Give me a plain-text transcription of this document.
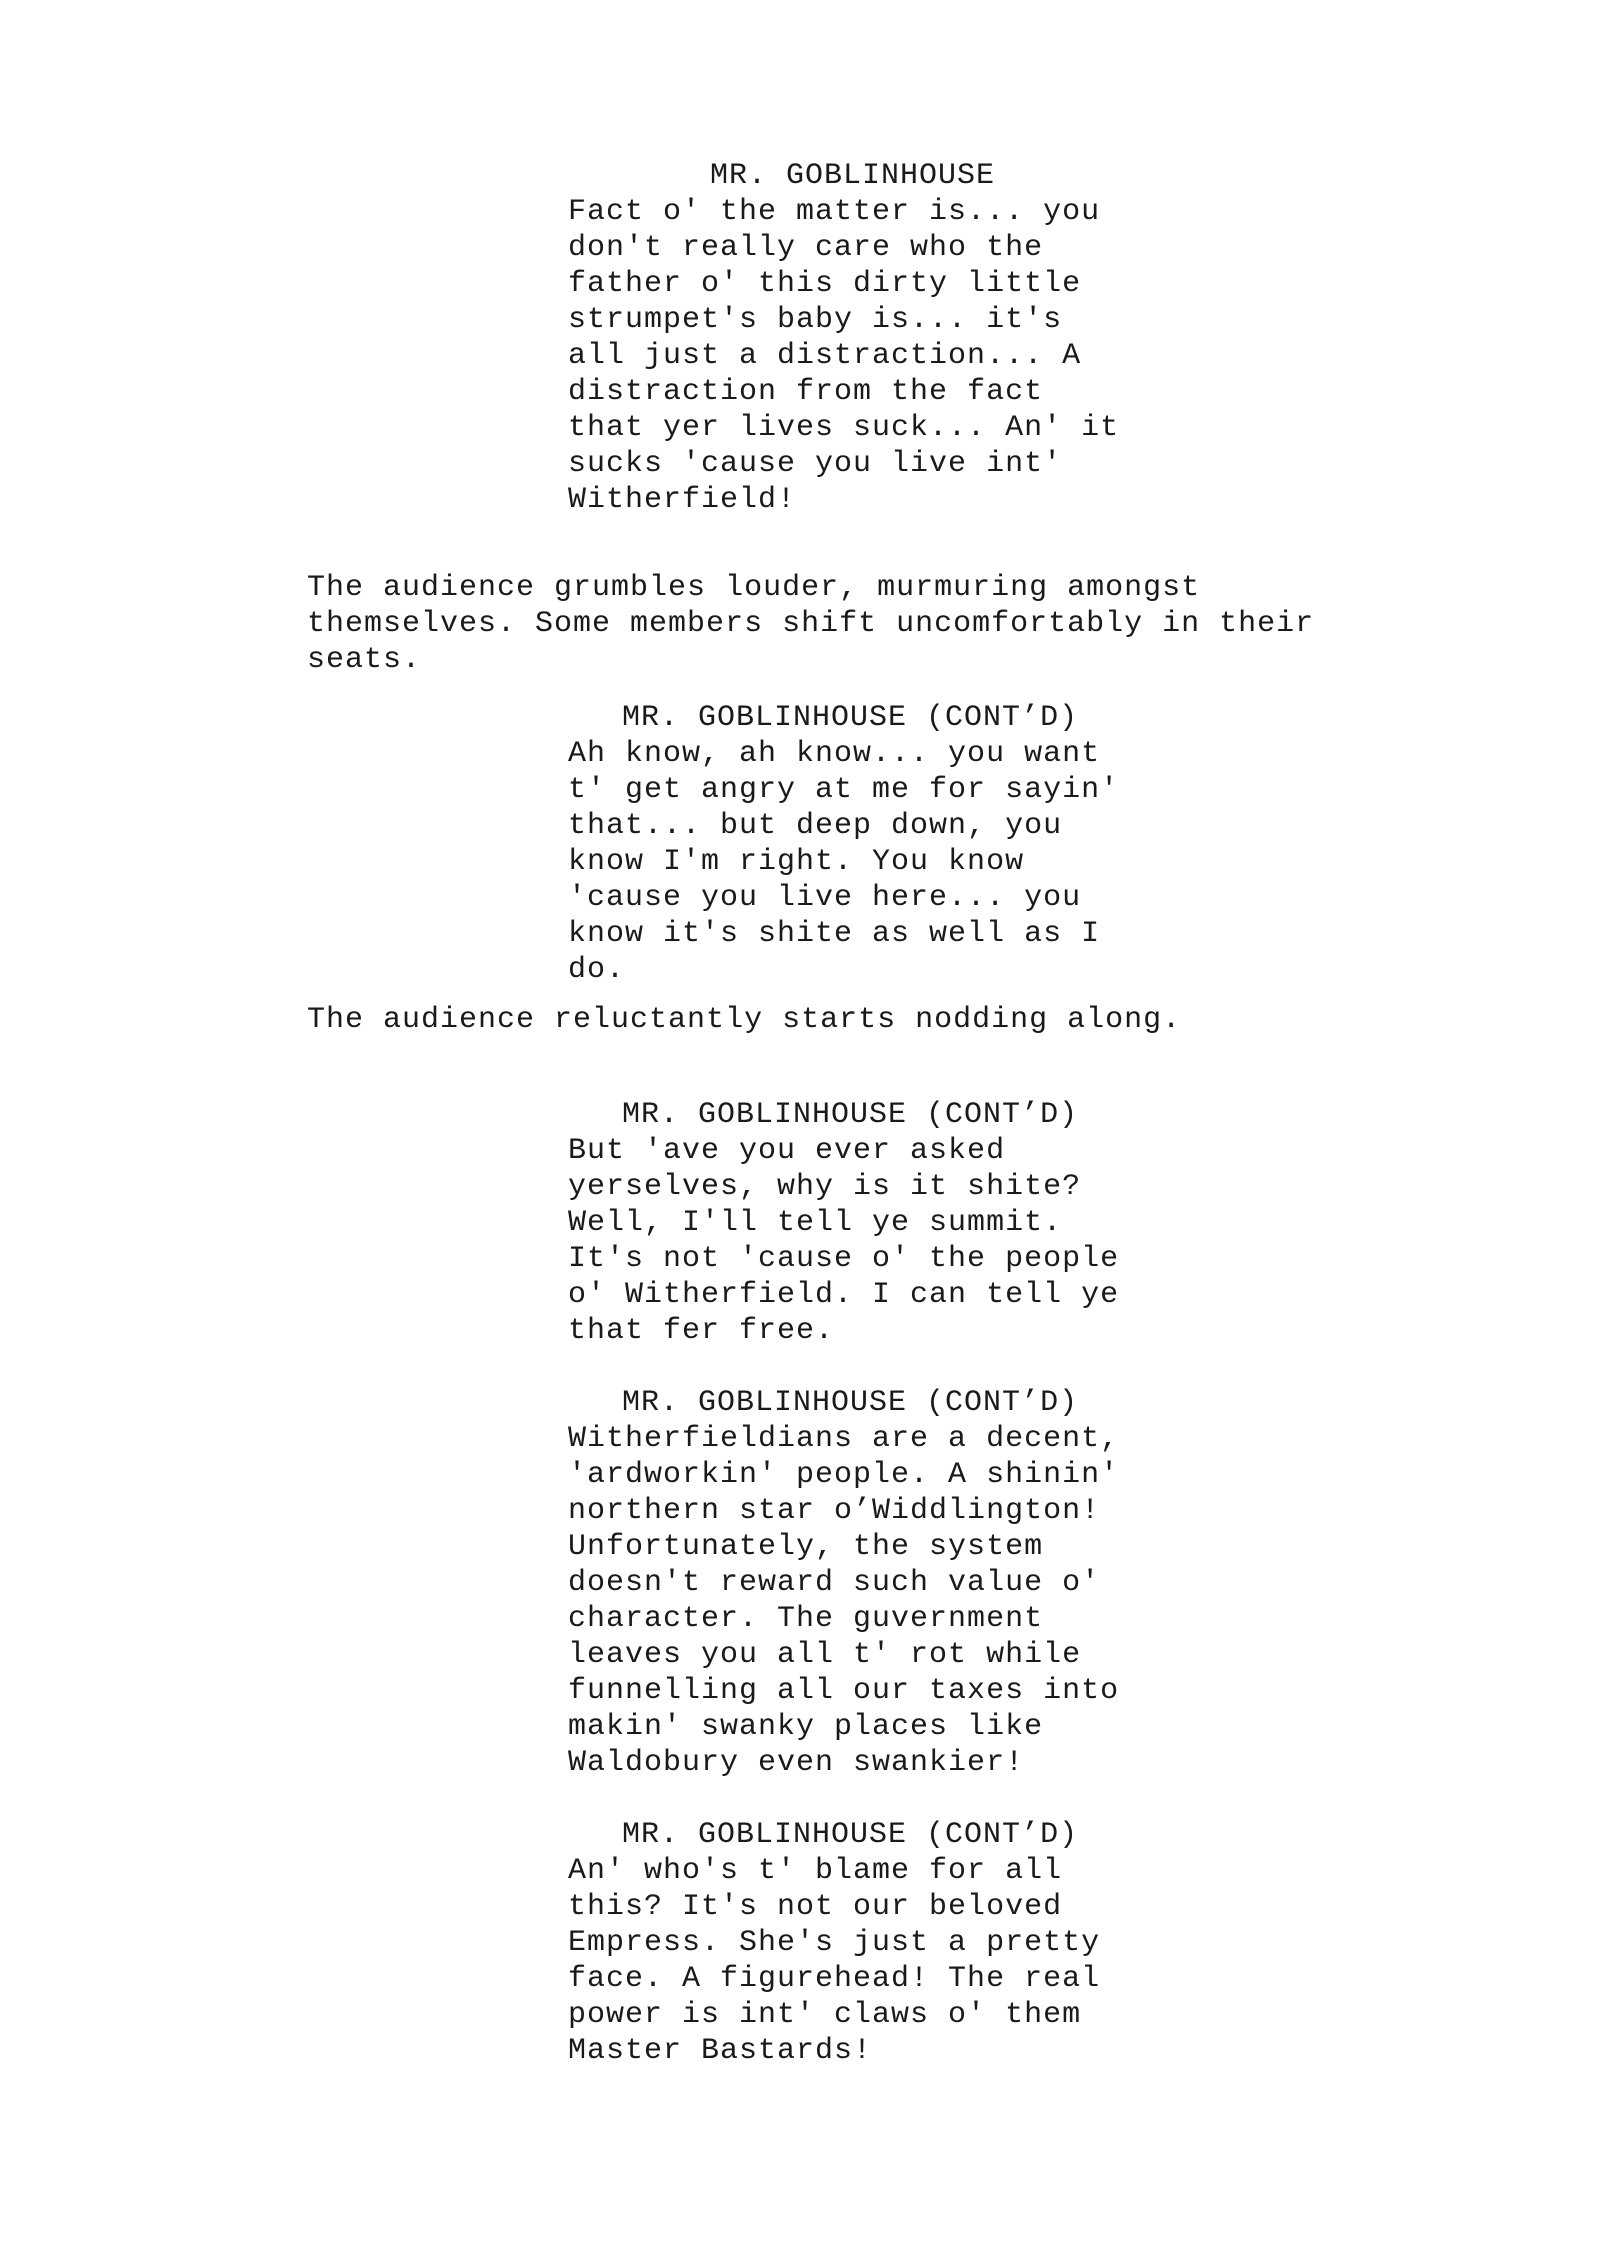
MR. GOBLINHOUSE
Fact o' the matter is... you
don't really care who the
father o' this dirty little
strumpet's baby is... it's
all just a distraction... A
distraction from the fact
that yer lives suck... An' it
sucks 'cause you live int'
Witherfield!
The audience grumbles louder, murmuring amongst
themselves. Some members shift uncomfortably in their
seats.
MR. GOBLINHOUSE (CONT’D)
Ah know, ah know... you want
t' get angry at me for sayin'
that... but deep down, you
know I'm right. You know
'cause you live here... you
know it's shite as well as I
do.
The audience reluctantly starts nodding along.
MR. GOBLINHOUSE (CONT’D)
But 'ave you ever asked
yerselves, why is it shite?
Well, I'll tell ye summit.
It's not 'cause o' the people
o' Witherfield. I can tell ye
that fer free.
MR. GOBLINHOUSE (CONT’D)
Witherfieldians are a decent,
'ardworkin' people. A shinin'
northern star o’Widdlington!
Unfortunately, the system
doesn't reward such value o'
character. The guvernment
leaves you all t' rot while
funnelling all our taxes into
makin' swanky places like
Waldobury even swankier!
MR. GOBLINHOUSE (CONT’D)
An' who's t' blame for all
this? It's not our beloved
Empress. She's just a pretty
face. A figurehead! The real
power is int' claws o' them
Master Bastards!
